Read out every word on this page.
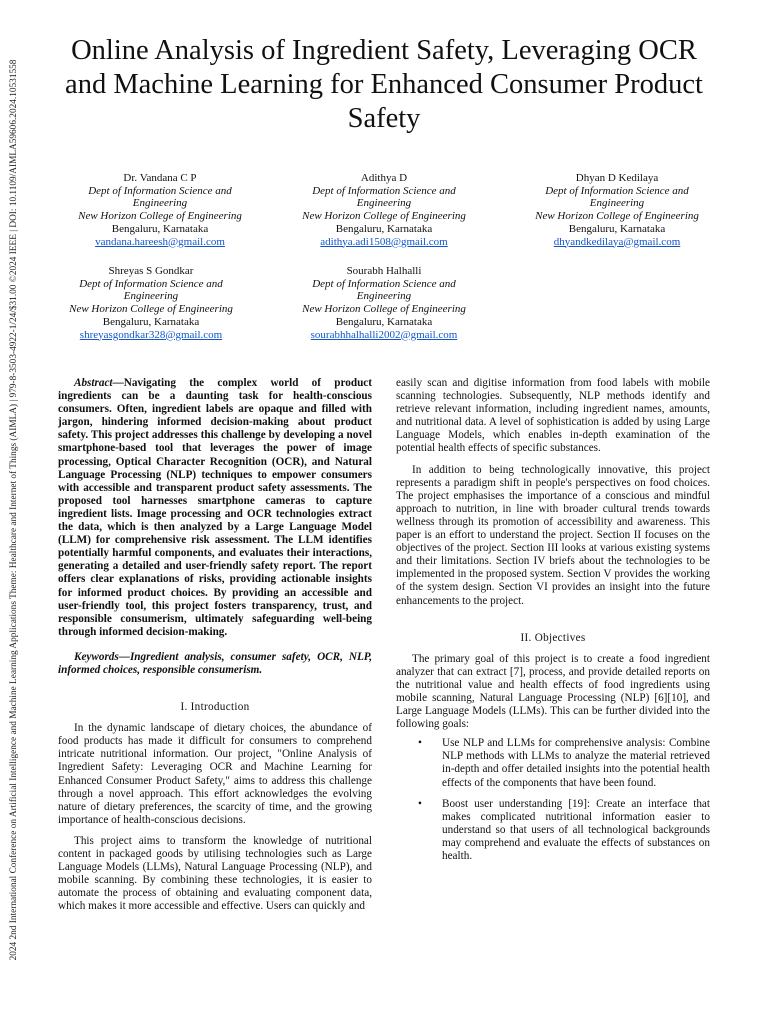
2024 2nd International Conference on Artificial Intelligence and Machine Learning Applications Theme: Healthcare and Internet of Things (AIMLA) | 979-8-3503-4922-1/24/$31.00 ©2024 IEEE | DOI: 10.1109/AIMLA59606.2024.10531558
Online Analysis of Ingredient Safety, Leveraging OCR and Machine Learning for Enhanced Consumer Product Safety
Dr. Vandana C P
Dept of Information Science and
Engineering
New Horizon College of Engineering
Bengaluru, Karnataka
vandana.hareesh@gmail.com
Adithya D
Dept of Information Science and
Engineering
New Horizon College of Engineering
Bengaluru, Karnataka
adithya.adi1508@gmail.com
Dhyan D Kedilaya
Dept of Information Science and
Engineering
New Horizon College of Engineering
Bengaluru, Karnataka
dhyandkedilaya@gmail.com
Shreyas S Gondkar
Dept of Information Science and
Engineering
New Horizon College of Engineering
Bengaluru, Karnataka
shreyasgondkar328@gmail.com
Sourabh Halhalli
Dept of Information Science and
Engineering
New Horizon College of Engineering
Bengaluru, Karnataka
sourabhhalhalli2002@gmail.com

Abstract—Navigating the complex world of product ingredients can be a daunting task for health-conscious consumers. Often, ingredient labels are opaque and filled with jargon, hindering informed decision-making about product safety. This project addresses this challenge by developing a novel smartphone-based tool that leverages the power of image processing, Optical Character Recognition (OCR), and Natural Language Processing (NLP) techniques to empower consumers with accessible and transparent product safety assessments. The proposed tool harnesses smartphone cameras to capture ingredient lists. Image processing and OCR technologies extract the data, which is then analyzed by a Large Language Model (LLM) for comprehensive risk assessment. The LLM identifies potentially harmful components, and evaluates their interactions, generating a detailed and user-friendly safety report. The report offers clear explanations of risks, providing actionable insights for informed product choices. By providing an accessible and user-friendly tool, this project fosters transparency, trust, and responsible consumerism, ultimately safeguarding well-being through informed decision-making.

Keywords—Ingredient analysis, consumer safety, OCR, NLP, informed choices, responsible consumerism.

I. Introduction

In the dynamic landscape of dietary choices, the abundance of food products has made it difficult for consumers to comprehend intricate nutritional information. Our project, "Online Analysis of Ingredient Safety: Leveraging OCR and Machine Learning for Enhanced Consumer Product Safety," aims to address this challenge through a novel approach. This effort acknowledges the evolving nature of dietary preferences, the scarcity of time, and the growing importance of health-conscious decisions.

This project aims to transform the knowledge of nutritional content in packaged goods by utilising technologies such as Large Language Models (LLMs), Natural Language Processing (NLP), and mobile scanning. By combining these technologies, it is easier to automate the process of obtaining and evaluating component data, which makes it more accessible and effective. Users can quickly and

easily scan and digitise information from food labels with mobile scanning technologies. Subsequently, NLP methods identify and retrieve relevant information, including ingredient names, amounts, and nutritional data. A level of sophistication is added by using Large Language Models, which enables in-depth examination of the potential health effects of specific substances.

In addition to being technologically innovative, this project represents a paradigm shift in people's perspectives on food choices. The project emphasises the importance of a conscious and mindful approach to nutrition, in line with broader cultural trends towards wellness through its promotion of accessibility and awareness. This paper is an effort to understand the project. Section II focuses on the objectives of the project. Section III looks at various existing systems and their limitations. Section IV briefs about the technologies to be implemented in the proposed system. Section V provides the working of the system design. Section VI provides an insight into the future enhancements to the project.

II. Objectives

The primary goal of this project is to create a food ingredient analyzer that can extract [7], process, and provide detailed reports on the nutritional value and health effects of food ingredients using mobile scanning, Natural Language Processing (NLP) [6][10], and Large Language Models (LLMs). This can be further divided into the following goals:

• Use NLP and LLMs for comprehensive analysis: Combine NLP methods with LLMs to analyze the material retrieved in-depth and offer detailed insights into the potential health effects of the components that have been found.
• Boost user understanding [19]: Create an interface that makes complicated nutritional information easier to understand so that users of all technological backgrounds may comprehend and evaluate the effects of substances on health.
